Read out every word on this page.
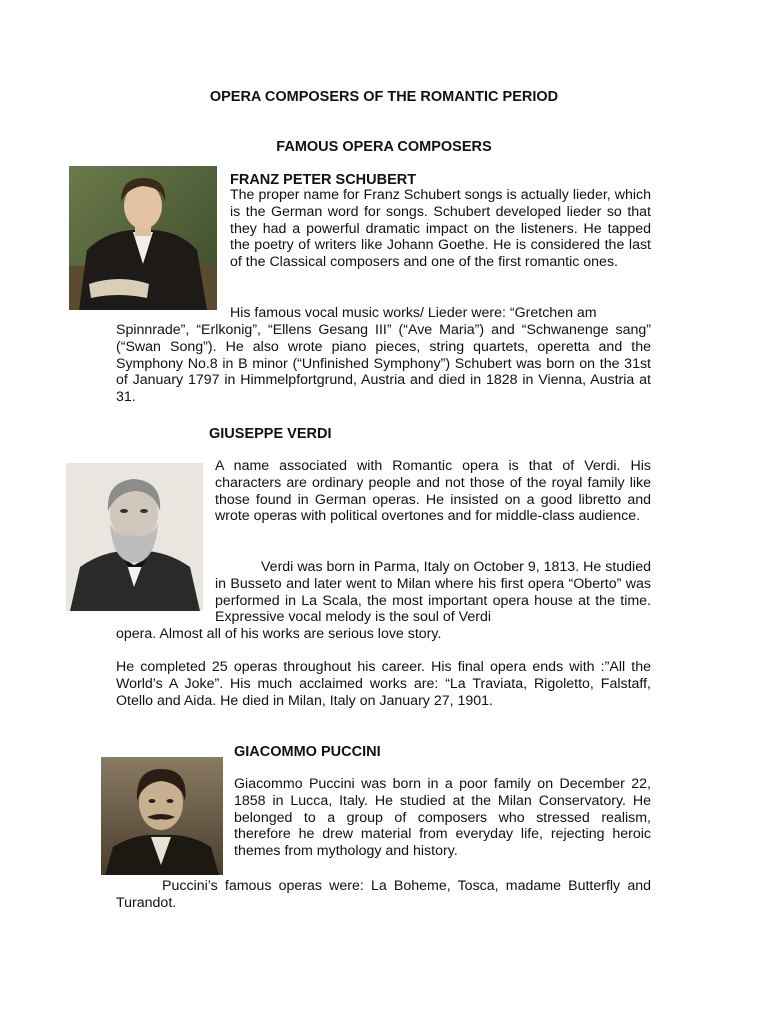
OPERA COMPOSERS OF THE ROMANTIC PERIOD
FAMOUS OPERA COMPOSERS
FRANZ PETER SCHUBERT

The proper name for Franz Schubert songs is actually lieder, which is the German word for songs. Schubert developed lieder so that they had a powerful dramatic impact on the listeners. He tapped the poetry of writers like Johann Goethe. He is considered the last of the Classical composers and one of the first romantic ones.

His famous vocal music works/ Lieder were: “Gretchen am

Spinnrade”, “Erlkonig”, “Ellens Gesang III” (“Ave Maria”) and “Schwanenge sang” (“Swan Song”). He also wrote piano pieces, string quartets, operetta and the Symphony No.8 in B minor (“Unfinished Symphony”) Schubert was born on the 31st of January 1797 in Himmelpfortgrund, Austria and died in 1828 in Vienna, Austria at 31.

GIUSEPPE VERDI

A name associated with Romantic opera is that of Verdi. His characters are ordinary people and not those of the royal family like those found in German operas. He insisted on a good libretto and wrote operas with political overtones and for middle-class audience.

Verdi was born in Parma, Italy on October 9, 1813. He studied in Busseto and later went to Milan where his first opera “Oberto” was performed in La Scala, the most important opera house at the time. Expressive vocal melody is the soul of Verdi

opera. Almost all of his works are serious love story.

He completed 25 operas throughout his career. His final opera ends with :”All the World’s A Joke”. His much acclaimed works are: “La Traviata, Rigoletto, Falstaff, Otello and Aida. He died in Milan, Italy on January 27, 1901.

GIACOMMO PUCCINI

Giacommo Puccini was born in a poor family on December 22, 1858 in Lucca, Italy. He studied at the Milan Conservatory. He belonged to a group of composers who stressed realism, therefore he drew material from everyday life, rejecting heroic themes from mythology and history.

Puccini’s famous operas were: La Boheme, Tosca, madame Butterfly and Turandot.
